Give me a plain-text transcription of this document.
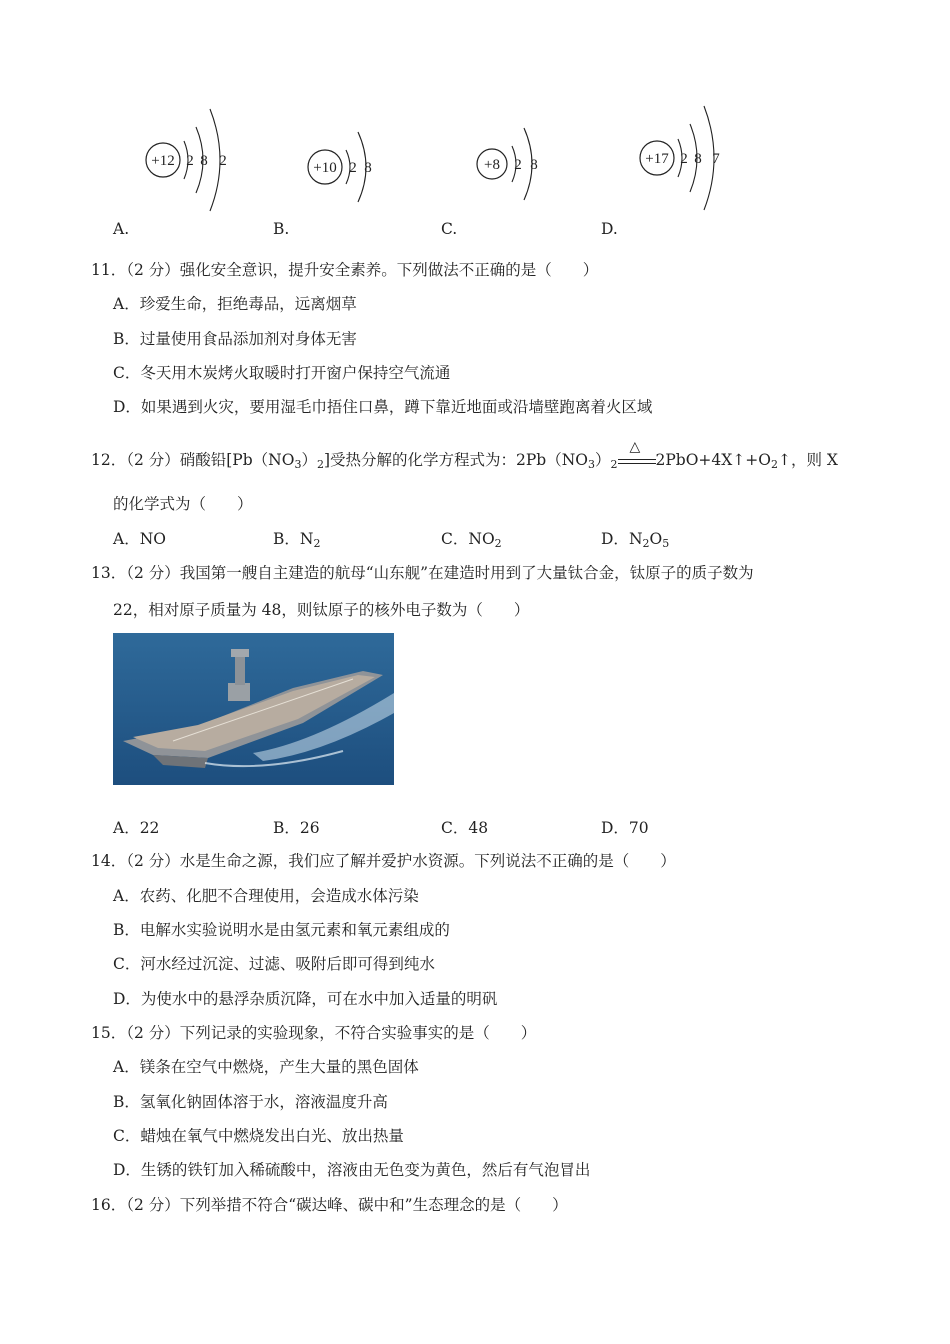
+12 2 8 2	+10 2 8	+8 2 8	+17 2 8 7
A.	B.	C.	D.
11．（2 分）强化安全意识，提升安全素养。下列做法不正确的是（　　）
A．珍爱生命，拒绝毒品，远离烟草
B．过量使用食品添加剂对身体无害
C．冬天用木炭烤火取暖时打开窗户保持空气流通
D．如果遇到火灾，要用湿毛巾捂住口鼻，蹲下靠近地面或沿墙壁跑离着火区域
12．（2 分）硝酸铅$[Pb(NO_3)_2]$受热分解的化学方程式为：$2Pb(NO_3)_2$
△
$2PbO+4X↑+O_2↑$，则 X
的化学式为（　　）
A．NO	B．$N_2$	C．$NO_2$	D．$N_2O_5$
13．（2 分）我国第一艘自主建造的航母“山东舰”在建造时用到了大量钛合金，钛原子的质子数为
22，相对原子质量为 48，则钛原子的核外电子数为（　　）
A．22	B．26	C．48	D．70
14．（2 分）水是生命之源，我们应了解并爱护水资源。下列说法不正确的是（　　）
A．农药、化肥不合理使用，会造成水体污染
B．电解水实验说明水是由氢元素和氧元素组成的
C．河水经过沉淀、过滤、吸附后即可得到纯水
D．为使水中的悬浮杂质沉降，可在水中加入适量的明矾
15．（2 分）下列记录的实验现象，不符合实验事实的是（　　）
A．镁条在空气中燃烧，产生大量的黑色固体
B．氢氧化钠固体溶于水，溶液温度升高
C．蜡烛在氧气中燃烧发出白光、放出热量
D．生锈的铁钉加入稀硫酸中，溶液由无色变为黄色，然后有气泡冒出
16．（2 分）下列举措不符合“碳达峰、碳中和”生态理念的是（　　）
